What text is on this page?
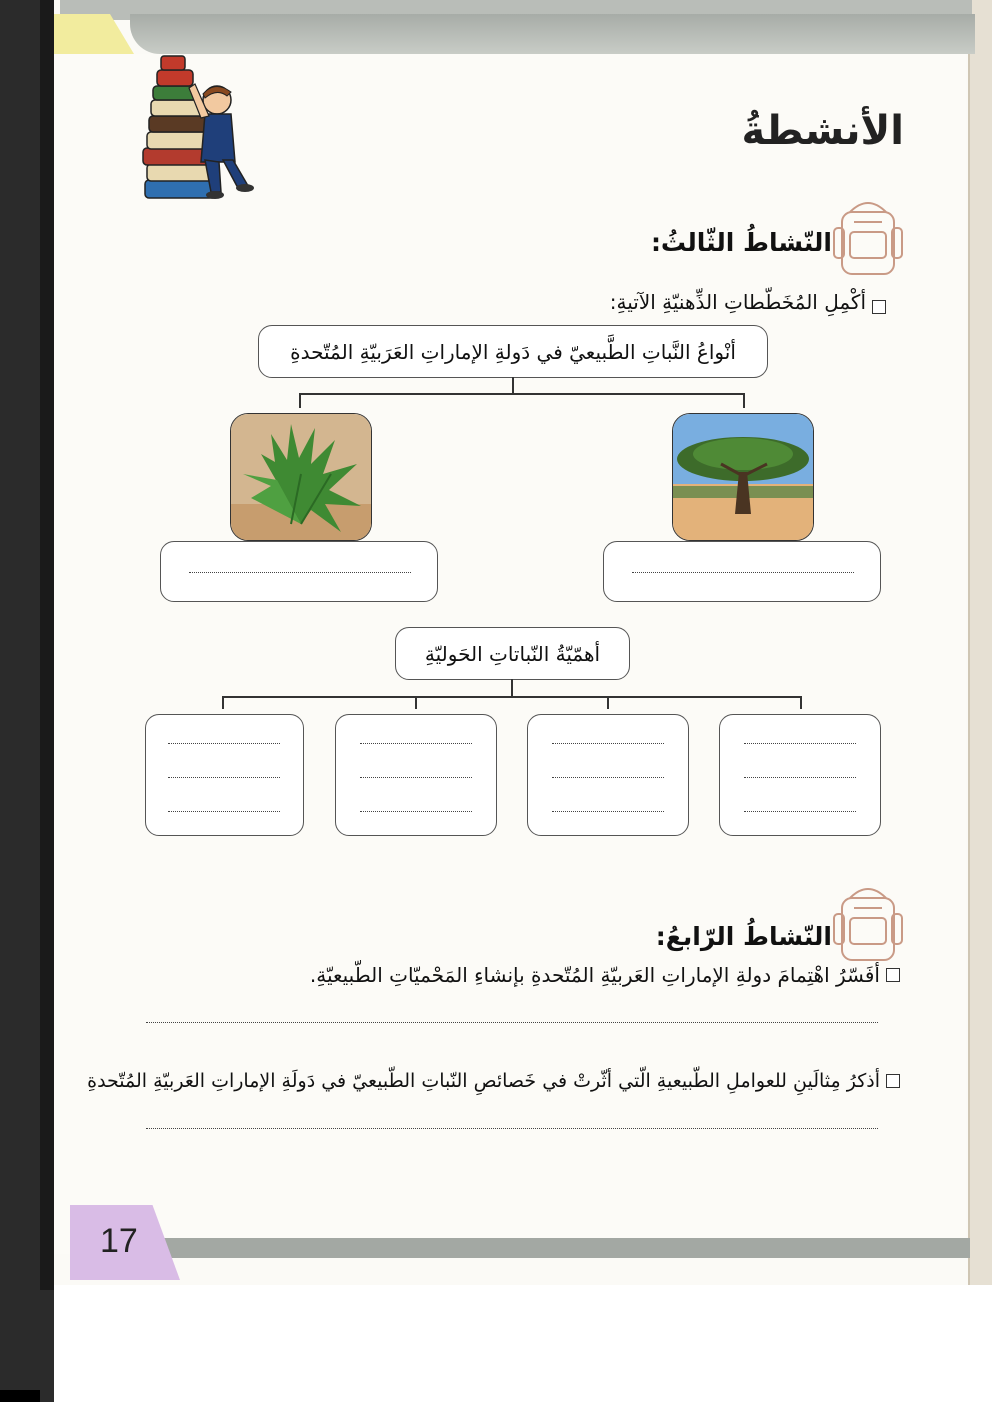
17
الأنشطةُ
النّشاطُ الثّالثُ:
أكْمِلِ المُخَطّطاتِ الذِّهنيّةِ الآتيةِ:
أنْواعُ النَّباتِ الطَّبيعيّ في دَولةِ الإماراتِ العَرَبيّةِ المُتّحدةِ
أهمّيّةُ النّباتاتِ الحَوليّةِ
النّشاطُ الرّابعُ:
أفَسّرُ اهْتِمامَ دولةِ الإماراتِ العَربيّةِ المُتّحدةِ بإنشاءِ المَحْميّاتِ الطّبيعيّةِ.
أذكرُ مِثالَينِ للعواملِ الطّبيعيةِ الّتي أثّرتْ في خَصائصِ النّباتِ الطّبيعيّ في دَولَةِ الإماراتِ العَربيّةِ المُتّحدةِ
